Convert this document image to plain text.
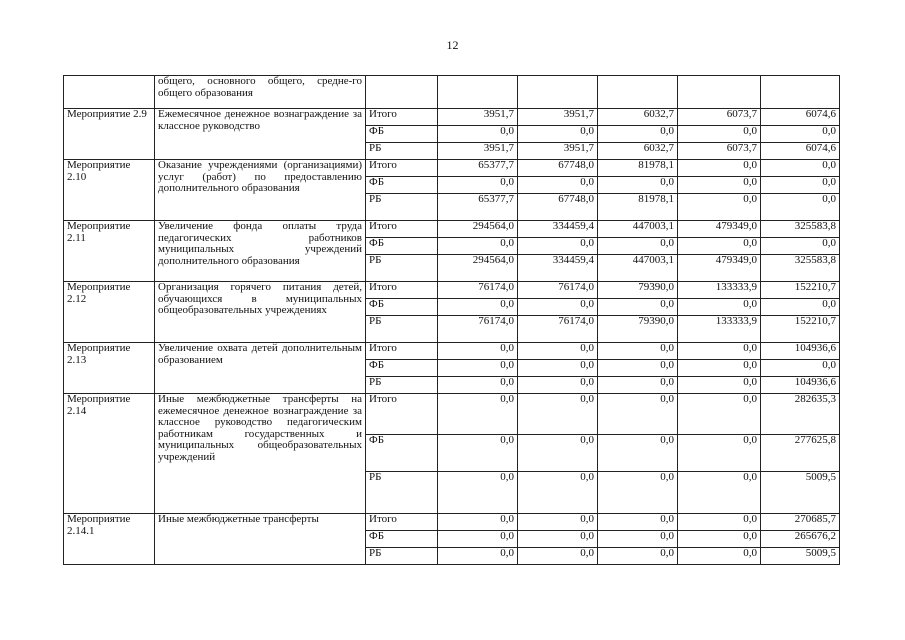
12
	общего, основного общего, средне-го общего образования						
Мероприятие 2.9	Ежемесячное денежное вознаграждение за классное руководство	Итого	3951,7	3951,7	6032,7	6073,7	6074,6
		ФБ	0,0	0,0	0,0	0,0	0,0
		РБ	3951,7	3951,7	6032,7	6073,7	6074,6
Мероприятие 2.10	Оказание учреждениями (организациями) услуг (работ) по предоставлению дополнительного образования	Итого	65377,7	67748,0	81978,1	0,0	0,0
		ФБ	0,0	0,0	0,0	0,0	0,0
		РБ	65377,7	67748,0	81978,1	0,0	0,0
Мероприятие 2.11	Увеличение фонда оплаты труда педагогических работников муниципальных учреждений дополнительного образования	Итого	294564,0	334459,4	447003,1	479349,0	325583,8
		ФБ	0,0	0,0	0,0	0,0	0,0
		РБ	294564,0	334459,4	447003,1	479349,0	325583,8
Мероприятие 2.12	Организация горячего питания детей, обучающихся в муниципальных общеобразовательных учреждениях	Итого	76174,0	76174,0	79390,0	133333,9	152210,7
		ФБ	0,0	0,0	0,0	0,0	0,0
		РБ	76174,0	76174,0	79390,0	133333,9	152210,7
Мероприятие 2.13	Увеличение охвата детей дополнительным образованием	Итого	0,0	0,0	0,0	0,0	104936,6
		ФБ	0,0	0,0	0,0	0,0	0,0
		РБ	0,0	0,0	0,0	0,0	104936,6
Мероприятие 2.14	Иные межбюджетные трансферты на ежемесячное денежное вознаграждение за классное руководство педагогическим работникам государственных и муниципальных общеобразовательных учреждений	Итого	0,0	0,0	0,0	0,0	282635,3
		ФБ	0,0	0,0	0,0	0,0	277625,8
		РБ	0,0	0,0	0,0	0,0	5009,5
Мероприятие 2.14.1	Иные межбюджетные трансферты	Итого	0,0	0,0	0,0	0,0	270685,7
		ФБ	0,0	0,0	0,0	0,0	265676,2
		РБ	0,0	0,0	0,0	0,0	5009,5
